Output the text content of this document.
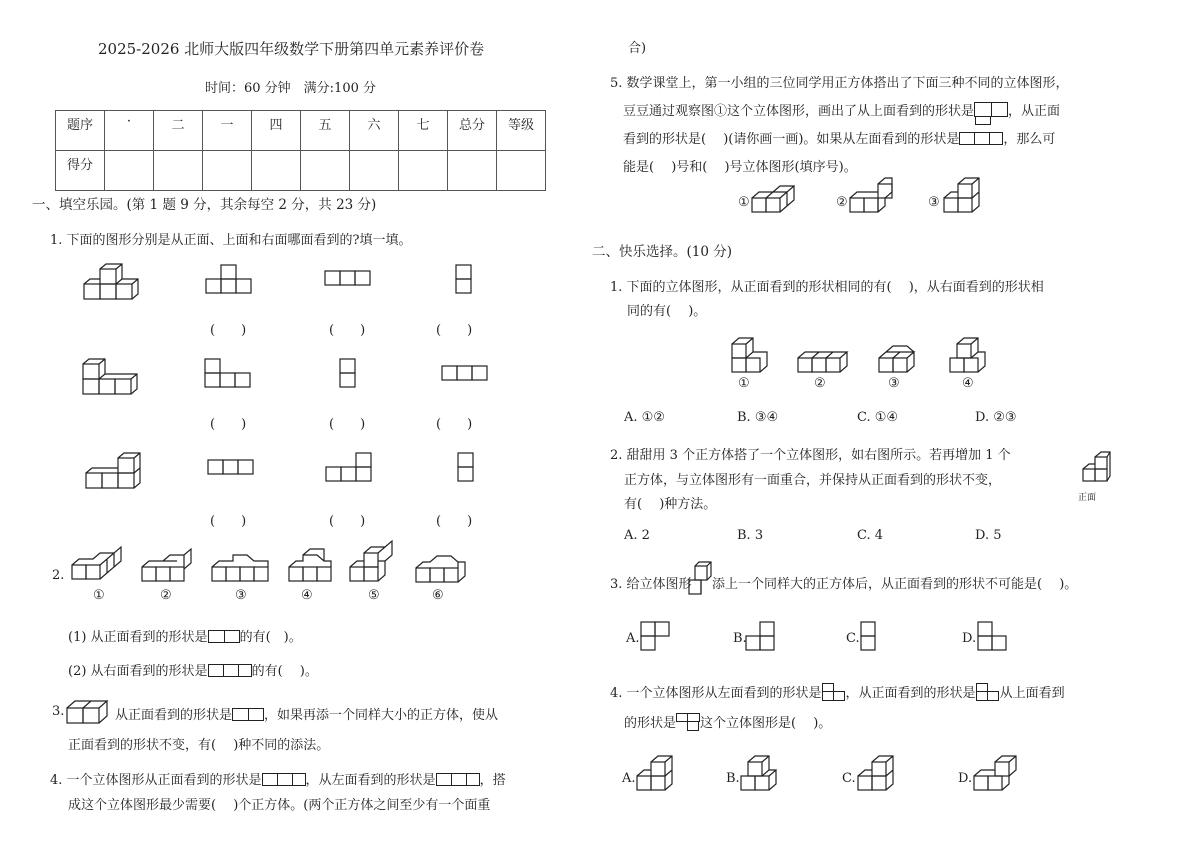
2025-2026 北师大版四年级数学下册第四单元素养评价卷
时间：60 分钟　满分:100 分
题序	·	二	一	四	五	六	七	总分	等级
得分									
一、填空乐园。(第 1 题 9 分，其余每空 2 分，共 23 分)
1. 下面的图形分别是从正面、上面和右面哪面看到的?填一填。
(　　)	(　　)	(　　)
(　　)	(　　)	(　　)
(　　)	(　　)	(　　)
2.
①	②	③	④	⑤	⑥
(1) 从正面看到的形状是 的有(　)。
(2) 从右面看到的形状是	的有(　 )。
3.	从正面看到的形状是 ，如果再添一个同样大小的正方体，使从
正面看到的形状不变，有(　 )种不同的添法。
4. 一个立体图形从正面看到的形状是	，从左面看到的形状是	，搭
成这个立体图形最少需要(　 )个正方体。(两个正方体之间至少有一个面重
合)
5. 数学课堂上，第一小组的三位同学用正方体搭出了下面三种不同的立体图形，
豆豆通过观察图①这个立体图形，画出了从上面看到的形状是	，从正面
看到的形状是(　 )(请你画一画)。如果从左面看到的形状是	，那么可
能是(　 )号和(　 )号立体图形(填序号)。
①	②	③
二、快乐选择。(10 分)
1. 下面的立体图形，从正面看到的形状相同的有(　 )，从右面看到的形状相
同的有(　 )。
①	②	③	④
A. ①②	B. ③④	C. ①④	D. ②③
2. 甜甜用 3 个正方体搭了一个立体图形，如右图所示。若再增加 1 个
正方体，与立体图形有一面重合，并保持从正面看到的形状不变，
有(　 )种方法。	正面
A. 2	B. 3	C. 4	D. 5
3. 给立体图形 添上一个同样大的正方体后，从正面看到的形状不可能是(　 )。
A.	B.	C.	D.
4. 一个立体图形从左面看到的形状是 ，从正面看到的形状是 从上面看到
的形状是 这个立体图形是(　 )。
A.	B.	C.	D.
